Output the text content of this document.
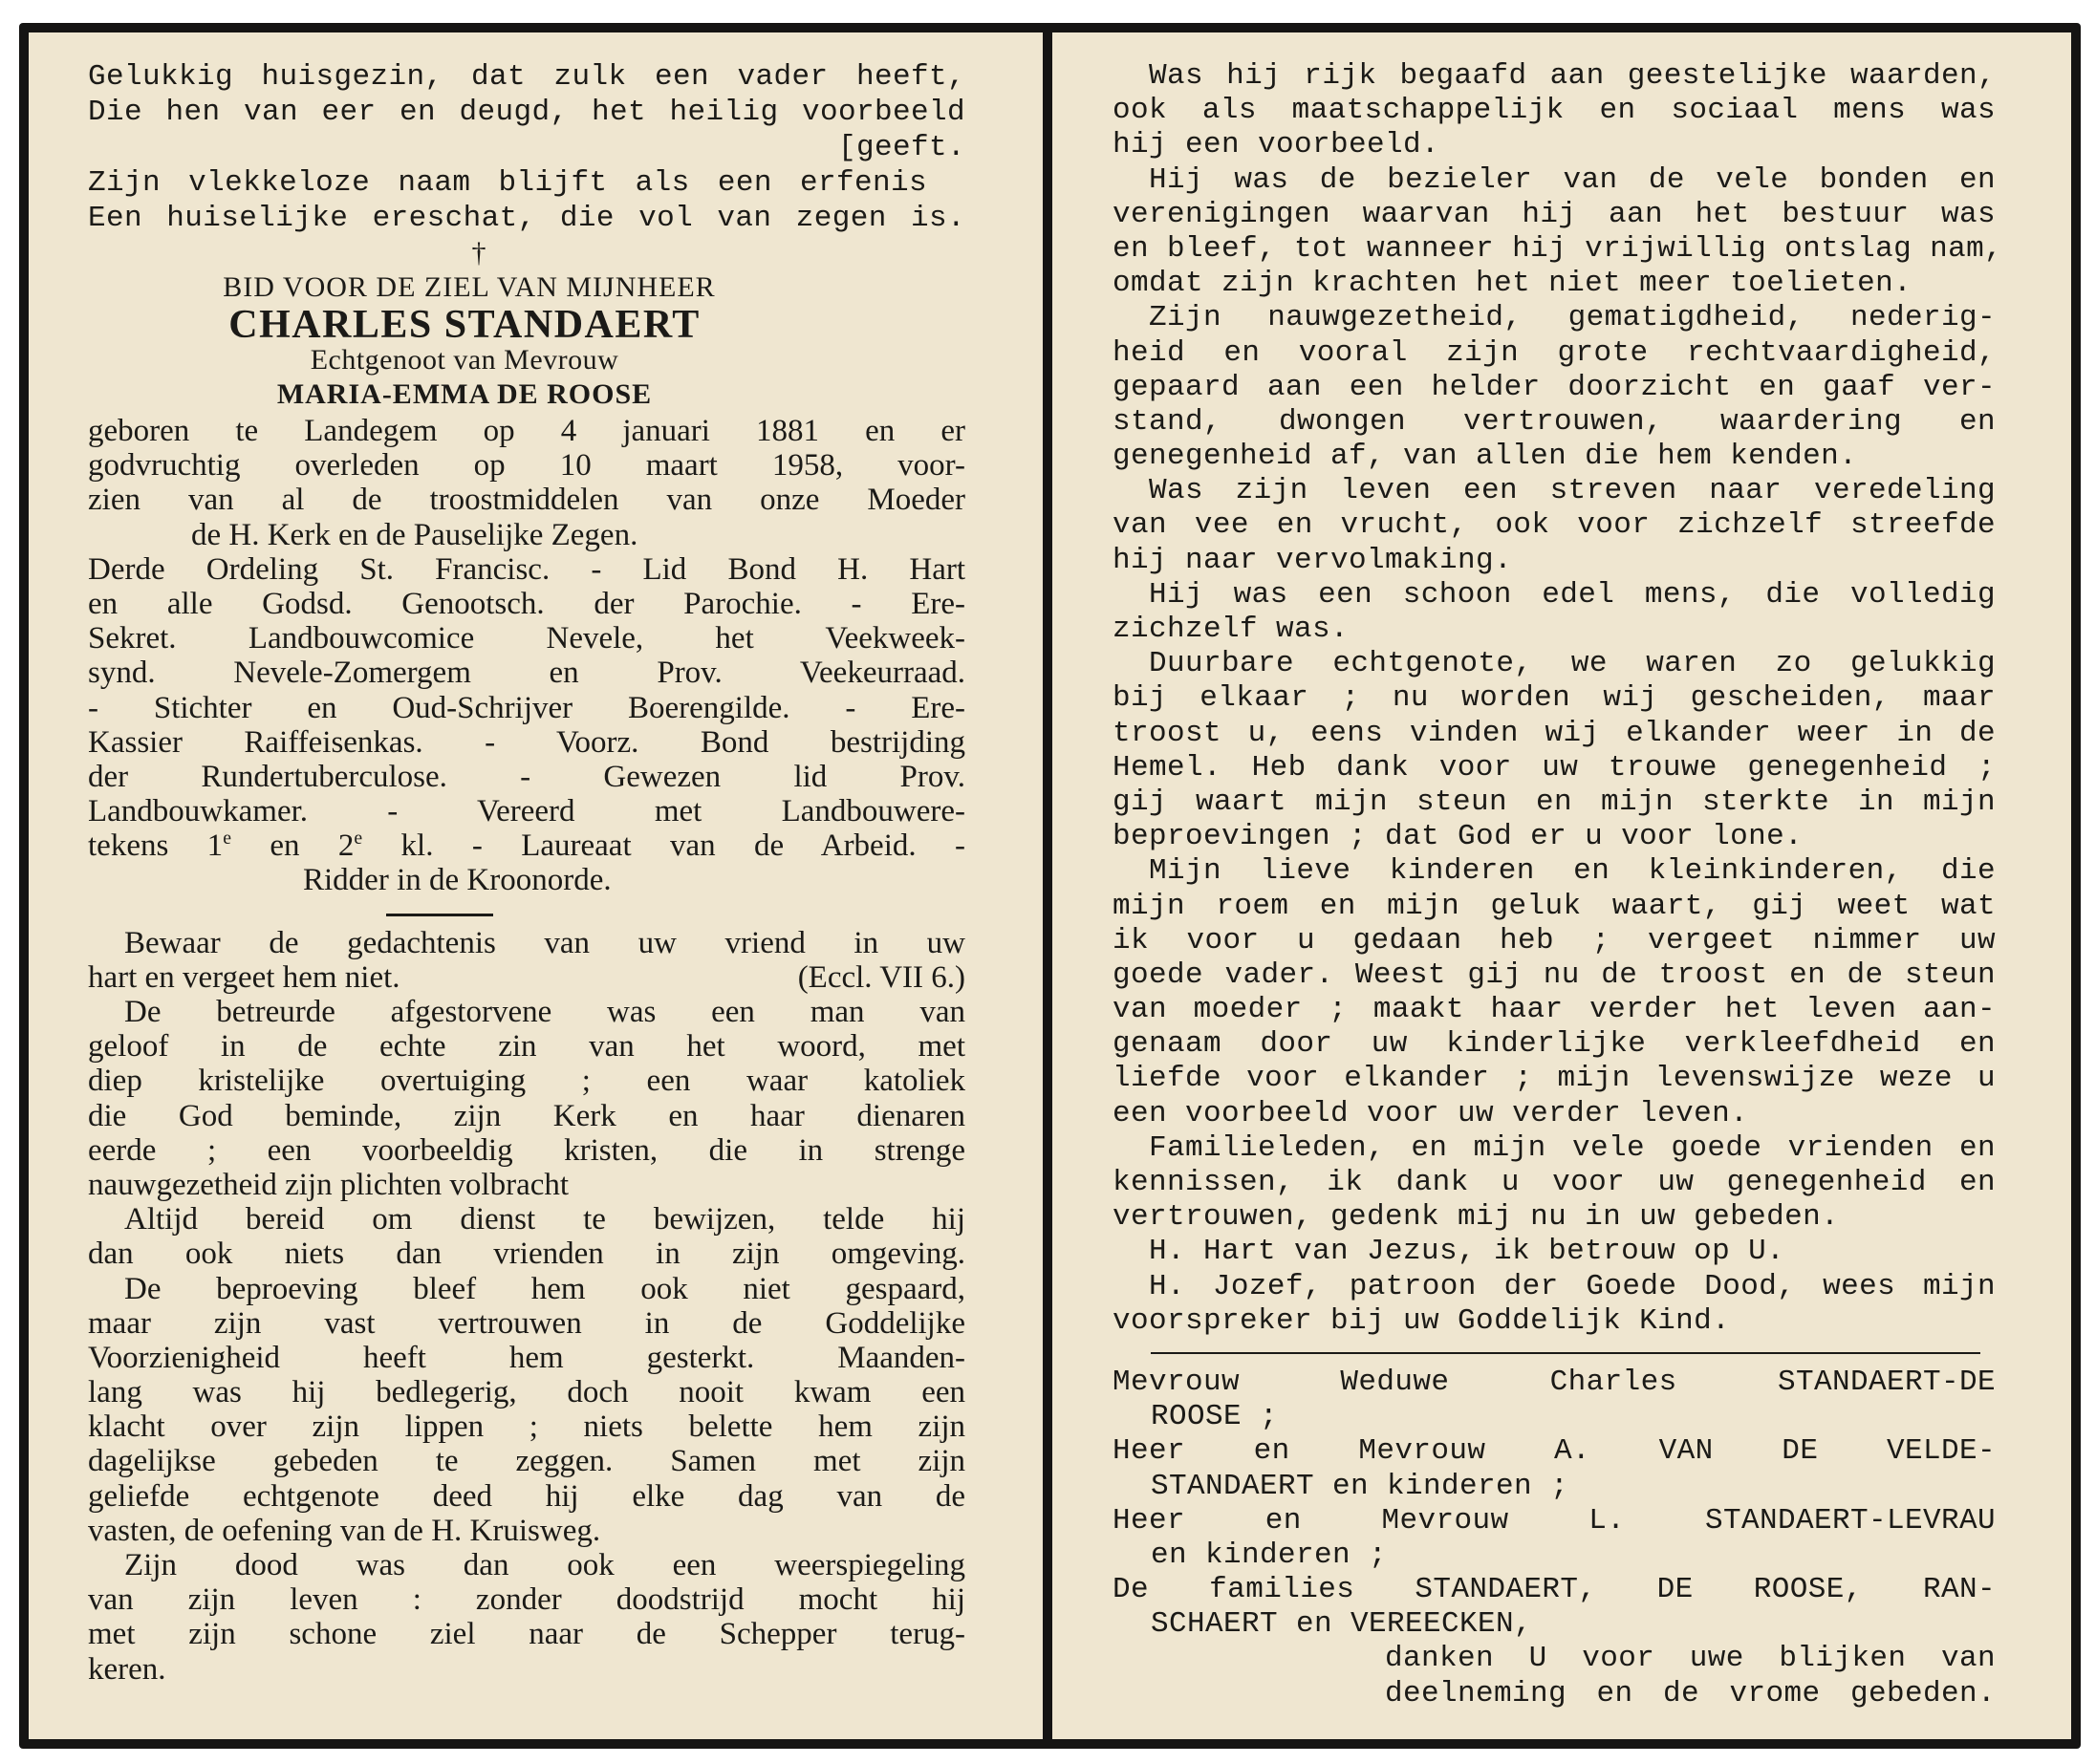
Gelukkig huisgezin, dat zulk een vader heeft,
Die hen van eer en deugd, het heilig voorbeeld
[geeft.
Zijn vlekkeloze naam blijft als een erfenis
Een huiselijke ereschat, die vol van zegen is.
†
BID VOOR DE ZIEL VAN MIJNHEER
CHARLES STANDAERT
Echtgenoot van Mevrouw
MARIA-EMMA DE ROOSE
geboren te Landegem op 4 januari 1881 en er
godvruchtig overleden op 10 maart 1958, voor-
zien van al de troostmiddelen van onze Moeder
de H. Kerk en de Pauselijke Zegen.
Derde Ordeling St. Francisc. - Lid Bond H. Hart
en alle Godsd. Genootsch. der Parochie. - Ere-
Sekret. Landbouwcomice Nevele, het Veekweek-
synd. Nevele-Zomergem en Prov. Veekeurraad.
- Stichter en Oud-Schrijver Boerengilde. - Ere-
Kassier Raiffeisenkas. - Voorz. Bond bestrijding
der Rundertuberculose. - Gewezen lid Prov.
Landbouwkamer. - Vereerd met Landbouwere-
tekens 1e en 2e kl. - Laureaat van de Arbeid. -
Ridder in de Kroonorde.
Bewaar de gedachtenis van uw vriend in uw
hart en vergeet hem niet.	(Eccl. VII 6.)
De betreurde afgestorvene was een man van
geloof in de echte zin van het woord, met
diep kristelijke overtuiging ; een waar katoliek
die God beminde, zijn Kerk en haar dienaren
eerde ; een voorbeeldig kristen, die in strenge
nauwgezetheid zijn plichten volbracht
Altijd bereid om dienst te bewijzen, telde hij
dan ook niets dan vrienden in zijn omgeving.
De beproeving bleef hem ook niet gespaard,
maar zijn vast vertrouwen in de Goddelijke
Voorzienigheid heeft hem gesterkt. Maanden-
lang was hij bedlegerig, doch nooit kwam een
klacht over zijn lippen ; niets belette hem zijn
dagelijkse gebeden te zeggen. Samen met zijn
geliefde echtgenote deed hij elke dag van de
vasten, de oefening van de H. Kruisweg.
Zijn dood was dan ook een weerspiegeling
van zijn leven : zonder doodstrijd mocht hij
met zijn schone ziel naar de Schepper terug-
keren.
Was hij rijk begaafd aan geestelijke waarden,
ook als maatschappelijk en sociaal mens was
hij een voorbeeld.
Hij was de bezieler van de vele bonden en
verenigingen waarvan hij aan het bestuur was
en bleef, tot wanneer hij vrijwillig ontslag nam,
omdat zijn krachten het niet meer toelieten.
Zijn nauwgezetheid, gematigdheid, nederig-
heid en vooral zijn grote rechtvaardigheid,
gepaard aan een helder doorzicht en gaaf ver-
stand, dwongen vertrouwen, waardering en
genegenheid af, van allen die hem kenden.
Was zijn leven een streven naar veredeling
van vee en vrucht, ook voor zichzelf streefde
hij naar vervolmaking.
Hij was een schoon edel mens, die volledig
zichzelf was.
Duurbare echtgenote, we waren zo gelukkig
bij elkaar ; nu worden wij gescheiden, maar
troost u, eens vinden wij elkander weer in de
Hemel. Heb dank voor uw trouwe genegenheid ;
gij waart mijn steun en mijn sterkte in mijn
beproevingen ; dat God er u voor lone.
Mijn lieve kinderen en kleinkinderen, die
mijn roem en mijn geluk waart, gij weet wat
ik voor u gedaan heb ; vergeet nimmer uw
goede vader. Weest gij nu de troost en de steun
van moeder ; maakt haar verder het leven aan-
genaam door uw kinderlijke verkleefdheid en
liefde voor elkander ; mijn levenswijze weze u
een voorbeeld voor uw verder leven.
Familieleden, en mijn vele goede vrienden en
kennissen, ik dank u voor uw genegenheid en
vertrouwen, gedenk mij nu in uw gebeden.
H. Hart van Jezus, ik betrouw op U.
H. Jozef, patroon der Goede Dood, wees mijn
voorspreker bij uw Goddelijk Kind.
Mevrouw Weduwe Charles STANDAERT-DE
ROOSE ;
Heer en Mevrouw A. VAN DE VELDE-
STANDAERT en kinderen ;
Heer en Mevrouw L. STANDAERT-LEVRAU
en kinderen ;
De families STANDAERT, DE ROOSE, RAN-
SCHAERT en VEREECKEN,
danken U voor uwe blijken van
deelneming en de vrome gebeden.
